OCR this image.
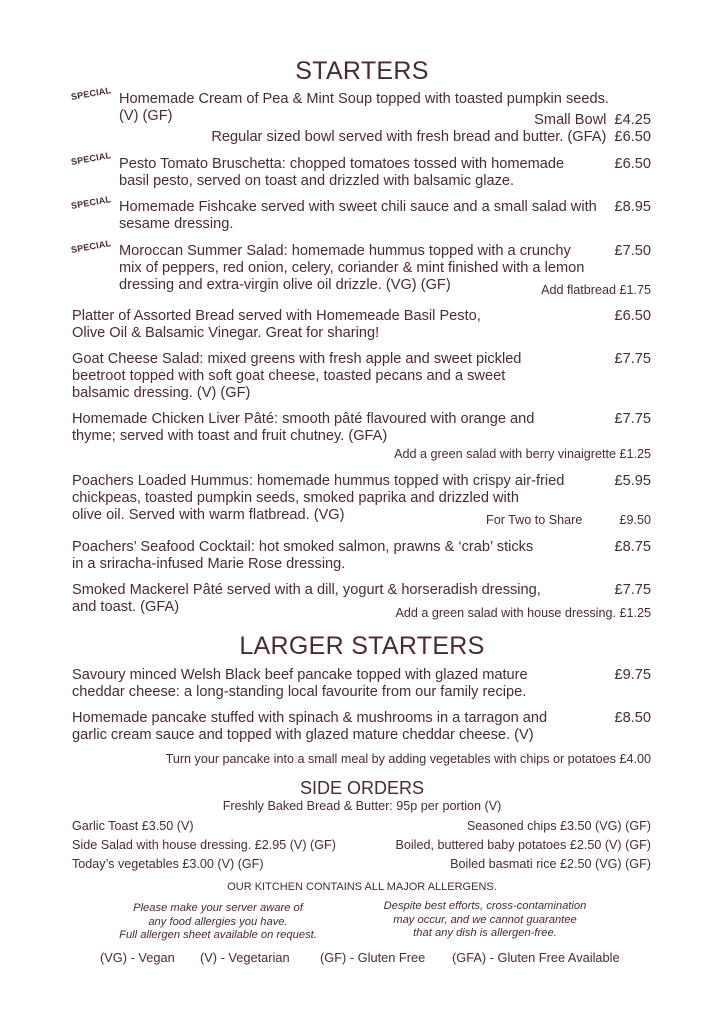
STARTERS
SPECIAL Homemade Cream of Pea & Mint Soup topped with toasted pumpkin seeds.
(V) (GF)	Small Bowl £4.25
Regular sized bowl served with fresh bread and butter. (GFA) £6.50
SPECIAL Pesto Tomato Bruschetta: chopped tomatoes tossed with homemade
basil pesto, served on toast and drizzled with balsamic glaze.
£6.50
SPECIAL Homemade Fishcake served with sweet chili sauce and a small salad with
sesame dressing.
£8.95
SPECIAL Moroccan Summer Salad: homemade hummus topped with a crunchy
mix of peppers, red onion, celery, coriander & mint finished with a lemon
dressing and extra-virgin olive oil drizzle. (VG) (GF)
£7.50
Add flatbread £1.75
Platter of Assorted Bread served with Homemeade Basil Pesto,
Olive Oil & Balsamic Vinegar. Great for sharing!
£6.50
Goat Cheese Salad: mixed greens with fresh apple and sweet pickled
beetroot topped with soft goat cheese, toasted pecans and a sweet
balsamic dressing. (V) (GF)
£7.75
Homemade Chicken Liver Pâté: smooth pâté flavoured with orange and
thyme; served with toast and fruit chutney. (GFA)
£7.75
Add a green salad with berry vinaigrette £1.25
Poachers Loaded Hummus: homemade hummus topped with crispy air-fried
chickpeas, toasted pumpkin seeds, smoked paprika and drizzled with
olive oil. Served with warm flatbread. (VG)
£5.95
For Two to Share	£9.50
Poachers’ Seafood Cocktail: hot smoked salmon, prawns & ‘crab’ sticks
in a sriracha-infused Marie Rose dressing.
£8.75
Smoked Mackerel Pâté served with a dill, yogurt & horseradish dressing,
and toast. (GFA)
£7.75
Add a green salad with house dressing. £1.25
LARGER STARTERS
Savoury minced Welsh Black beef pancake topped with glazed mature
cheddar cheese: a long-standing local favourite from our family recipe.
£9.75
Homemade pancake stuffed with spinach & mushrooms in a tarragon and
garlic cream sauce and topped with glazed mature cheddar cheese. (V)
£8.50
Turn your pancake into a small meal by adding vegetables with chips or potatoes £4.00
SIDE ORDERS
Freshly Baked Bread & Butter: 95p per portion (V)
Garlic Toast £3.50 (V)
Side Salad with house dressing. £2.95 (V) (GF)
Today’s vegetables £3.00 (V) (GF)
Seasoned chips £3.50 (VG) (GF)
Boiled, buttered baby potatoes £2.50 (V) (GF)
Boiled basmati rice £2.50 (VG) (GF)
OUR KITCHEN CONTAINS ALL MAJOR ALLERGENS.
Please make your server aware of
any food allergies you have.
Full allergen sheet available on request.
Despite best efforts, cross-contamination
may occur, and we cannot guarantee
that any dish is allergen-free.
(VG) - Vegan (V) - Vegetarian (GF) - Gluten Free (GFA) - Gluten Free Available
